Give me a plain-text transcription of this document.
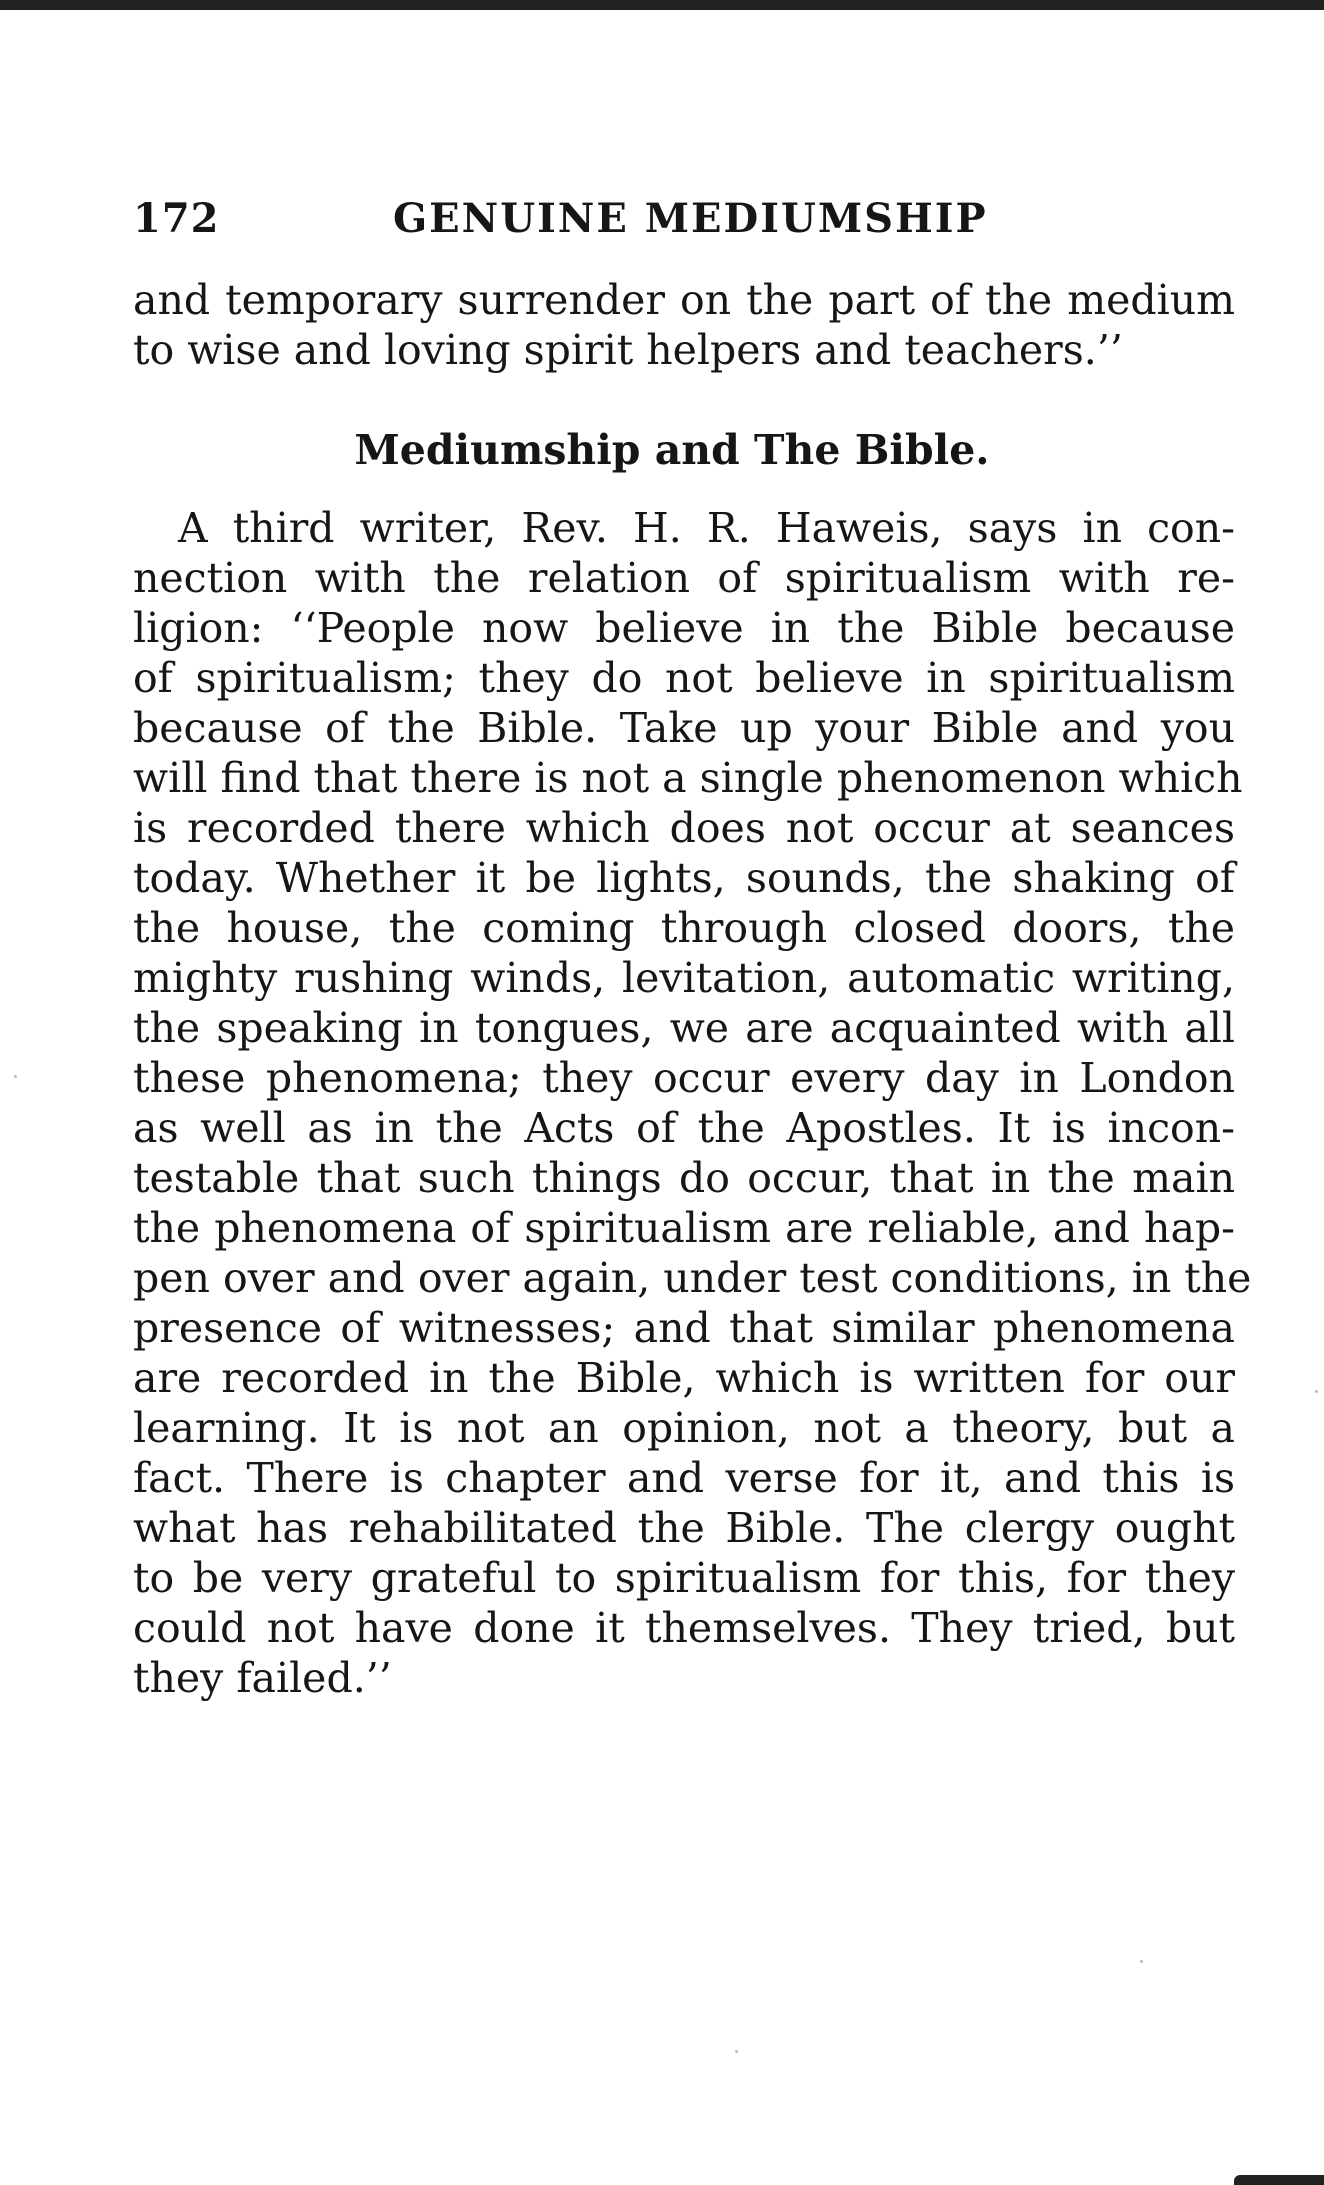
172	GENUINE MEDIUMSHIP
and temporary surrender on the part of the medium
to wise and loving spirit helpers and teachers.’’
Mediumship and The Bible.
A third writer, Rev. H. R. Haweis, says in con-
nection with the relation of spiritualism with re-
ligion: ‘‘People now believe in the Bible because
of spiritualism; they do not believe in spiritualism
because of the Bible. Take up your Bible and you
will find that there is not a single phenomenon which
is recorded there which does not occur at seances
today. Whether it be lights, sounds, the shaking of
the house, the coming through closed doors, the
mighty rushing winds, levitation, automatic writing,
the speaking in tongues, we are acquainted with all
these phenomena; they occur every day in London
as well as in the Acts of the Apostles. It is incon-
testable that such things do occur, that in the main
the phenomena of spiritualism are reliable, and hap-
pen over and over again, under test conditions, in the
presence of witnesses; and that similar phenomena
are recorded in the Bible, which is written for our
learning. It is not an opinion, not a theory, but a
fact. There is chapter and verse for it, and this is
what has rehabilitated the Bible. The clergy ought
to be very grateful to spiritualism for this, for they
could not have done it themselves. They tried, but
they failed.’’
